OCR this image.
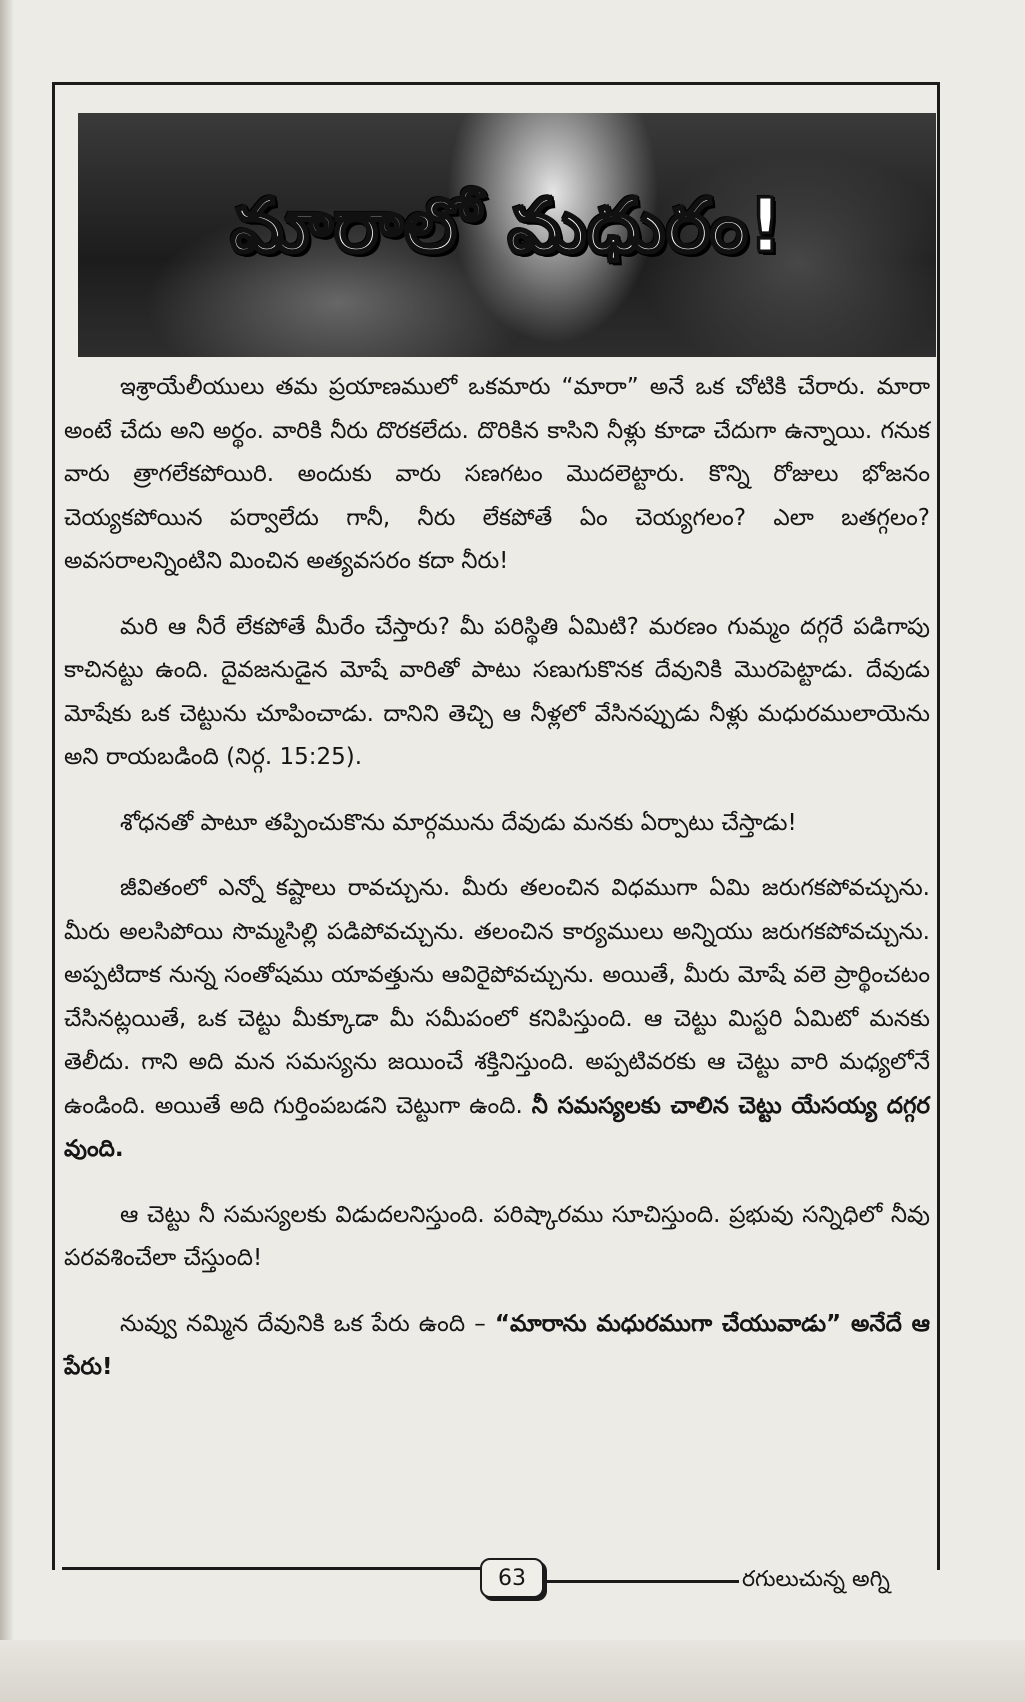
మారాలో మధురం!

ఇశ్రాయేలీయులు తమ ప్రయాణములో ఒకమారు “మారా” అనే ఒక చోటికి చేరారు. మారా అంటే చేదు అని అర్థం. వారికి నీరు దొరకలేదు. దొరికిన కాసిని నీళ్లు కూడా చేదుగా ఉన్నాయి. గనుక వారు త్రాగలేకపోయిరి. అందుకు వారు సణగటం మొదలెట్టారు. కొన్ని రోజులు భోజనం చెయ్యకపోయిన పర్వాలేదు గానీ, నీరు లేకపోతే ఏం చెయ్యగలం? ఎలా బతగ్గలం? అవసరాలన్నింటిని మించిన అత్యవసరం కదా నీరు!

మరి ఆ నీరే లేకపోతే మీరేం చేస్తారు? మీ పరిస్థితి ఏమిటి? మరణం గుమ్మం దగ్గరే పడిగాపు కాచినట్టు ఉంది. దైవజనుడైన మోషే వారితో పాటు సణుగుకొనక దేవునికి మొరపెట్టాడు. దేవుడు మోషేకు ఒక చెట్టును చూపించాడు. దానిని తెచ్చి ఆ నీళ్లలో వేసినప్పుడు నీళ్లు మధురములాయెను అని రాయబడింది (నిర్గ. 15:25).

శోధనతో పాటూ తప్పించుకొను మార్గమును దేవుడు మనకు ఏర్పాటు చేస్తాడు!

జీవితంలో ఎన్నో కష్టాలు రావచ్చును. మీరు తలంచిన విధముగా ఏమి జరుగకపోవచ్చును. మీరు అలసిపోయి సొమ్మసిల్లి పడిపోవచ్చును. తలంచిన కార్యములు అన్నియు జరుగకపోవచ్చును. అప్పటిదాక నున్న సంతోషము యావత్తును ఆవిరైపోవచ్చును. అయితే, మీరు మోషే వలె ప్రార్థించటం చేసినట్లయితే, ఒక చెట్టు మీక్కూడా మీ సమీపంలో కనిపిస్తుంది. ఆ చెట్టు మిస్టరి ఏమిటో మనకు తెలీదు. గాని అది మన సమస్యను జయించే శక్తినిస్తుంది. అప్పటివరకు ఆ చెట్టు వారి మధ్యలోనే ఉండింది. అయితే అది గుర్తింపబడని చెట్టుగా ఉంది. నీ సమస్యలకు చాలిన చెట్టు యేసయ్య దగ్గర వుంది.

ఆ చెట్టు నీ సమస్యలకు విడుదలనిస్తుంది. పరిష్కారము సూచిస్తుంది. ప్రభువు సన్నిధిలో నీవు పరవశించేలా చేస్తుంది!

నువ్వు నమ్మిన దేవునికి ఒక పేరు ఉంది – “మారాను మధురముగా చేయువాడు” అనేదే ఆ పేరు!

63	రగులుచున్న అగ్ని
